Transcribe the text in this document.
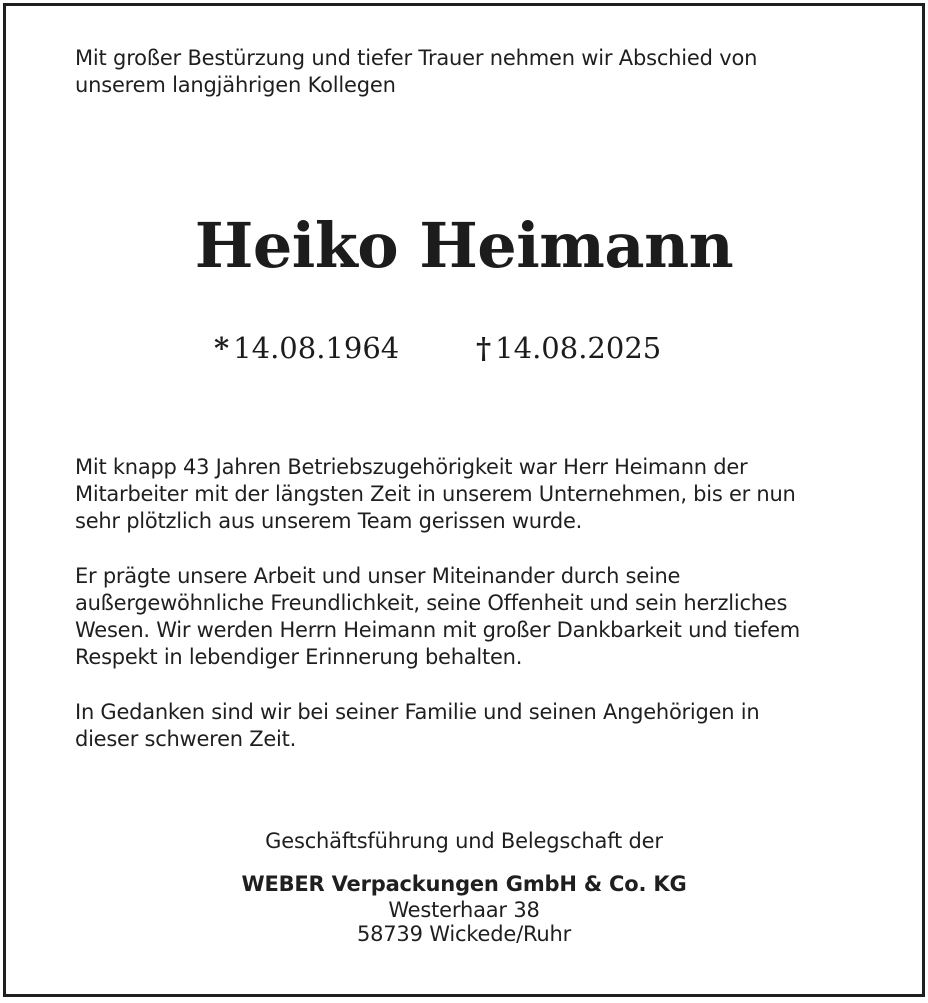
Mit großer Bestürzung und tiefer Trauer nehmen wir Abschied von
unserem langjährigen Kollegen

Heiko Heimann
* 14.08.1964	† 14.08.2025

Mit knapp 43 Jahren Betriebszugehörigkeit war Herr Heimann der
Mitarbeiter mit der längsten Zeit in unserem Unternehmen, bis er nun
sehr plötzlich aus unserem Team gerissen wurde.

Er prägte unsere Arbeit und unser Miteinander durch seine
außergewöhnliche Freundlichkeit, seine Offenheit und sein herzliches
Wesen. Wir werden Herrn Heimann mit großer Dankbarkeit und tiefem
Respekt in lebendiger Erinnerung behalten.

In Gedanken sind wir bei seiner Familie und seinen Angehörigen in
dieser schweren Zeit.

Geschäftsführung und Belegschaft der
WEBER Verpackungen GmbH & Co. KG
Westerhaar 38
58739 Wickede/Ruhr
